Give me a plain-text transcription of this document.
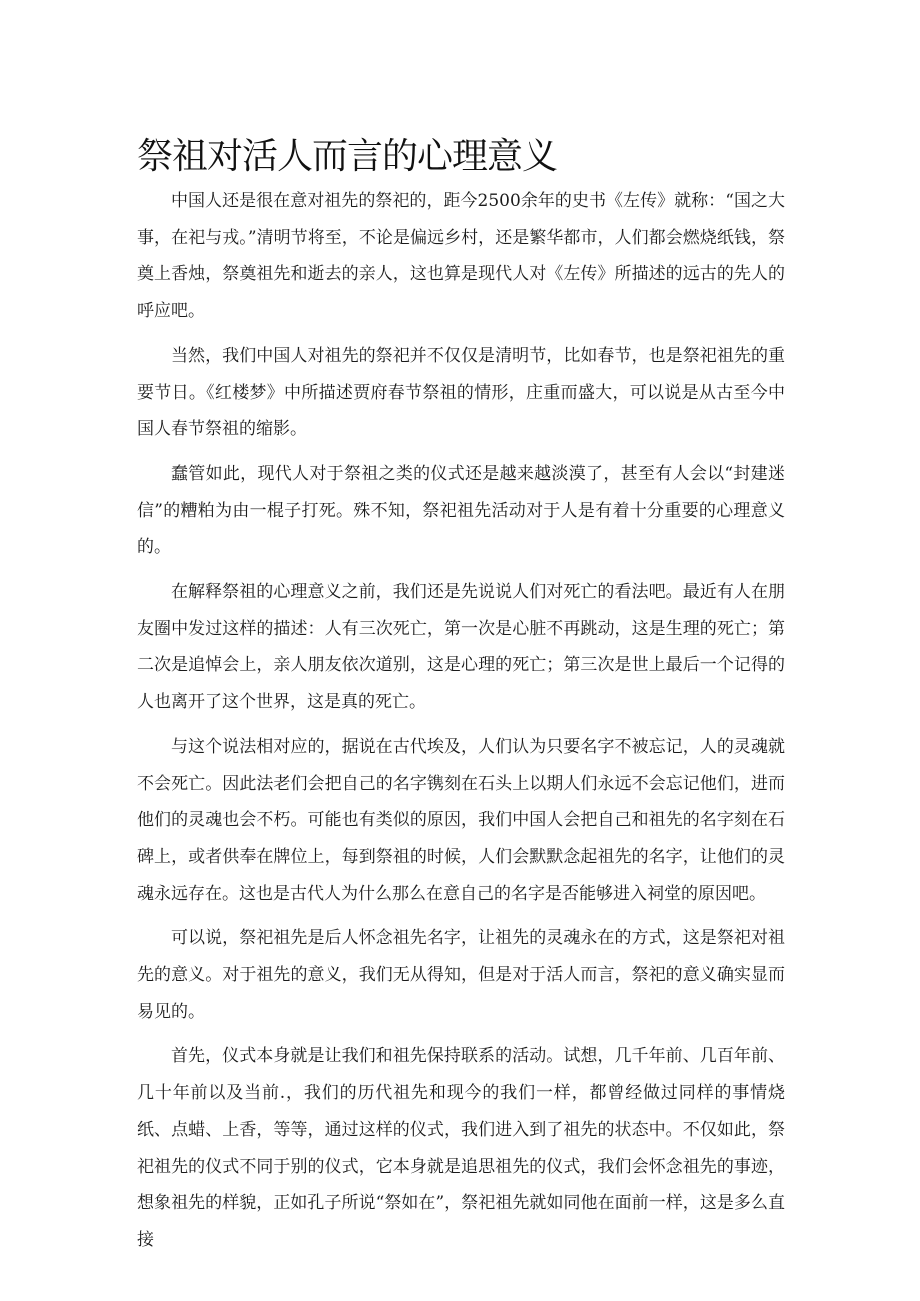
祭祖对活人而言的心理意义

中国人还是很在意对祖先的祭祀的，距今2500余年的史书《左传》就称：“国之大事，在祀与戎。”清明节将至，不论是偏远乡村，还是繁华都市，人们都会燃烧纸钱，祭奠上香烛，祭奠祖先和逝去的亲人，这也算是现代人对《左传》所描述的远古的先人的呼应吧。

当然，我们中国人对祖先的祭祀并不仅仅是清明节，比如春节，也是祭祀祖先的重要节日。《红楼梦》中所描述贾府春节祭祖的情形，庄重而盛大，可以说是从古至今中国人春节祭祖的缩影。

蠢管如此，现代人对于祭祖之类的仪式还是越来越淡漠了，甚至有人会以“封建迷信”的糟粕为由一棍子打死。殊不知，祭祀祖先活动对于人是有着十分重要的心理意义的。

在解释祭祖的心理意义之前，我们还是先说说人们对死亡的看法吧。最近有人在朋友圈中发过这样的描述：人有三次死亡，第一次是心脏不再跳动，这是生理的死亡；第二次是追悼会上，亲人朋友依次道别，这是心理的死亡；第三次是世上最后一个记得的人也离开了这个世界，这是真的死亡。

与这个说法相对应的，据说在古代埃及，人们认为只要名字不被忘记，人的灵魂就不会死亡。因此法老们会把自己的名字镌刻在石头上以期人们永远不会忘记他们，进而他们的灵魂也会不朽。可能也有类似的原因，我们中国人会把自己和祖先的名字刻在石碑上，或者供奉在牌位上，每到祭祖的时候，人们会默默念起祖先的名字，让他们的灵魂永远存在。这也是古代人为什么那么在意自己的名字是否能够进入祠堂的原因吧。

可以说，祭祀祖先是后人怀念祖先名字，让祖先的灵魂永在的方式，这是祭祀对祖先的意义。对于祖先的意义，我们无从得知，但是对于活人而言，祭祀的意义确实显而易见的。

首先，仪式本身就是让我们和祖先保持联系的活动。试想，几千年前、几百年前、几十年前以及当前.，我们的历代祖先和现今的我们一样，都曾经做过同样的事情烧纸、点蜡、上香，等等，通过这样的仪式，我们进入到了祖先的状态中。不仅如此，祭祀祖先的仪式不同于别的仪式，它本身就是追思祖先的仪式，我们会怀念祖先的事迹，想象祖先的样貌，正如孔子所说“祭如在”，祭祀祖先就如同他在面前一样，这是多么直接
